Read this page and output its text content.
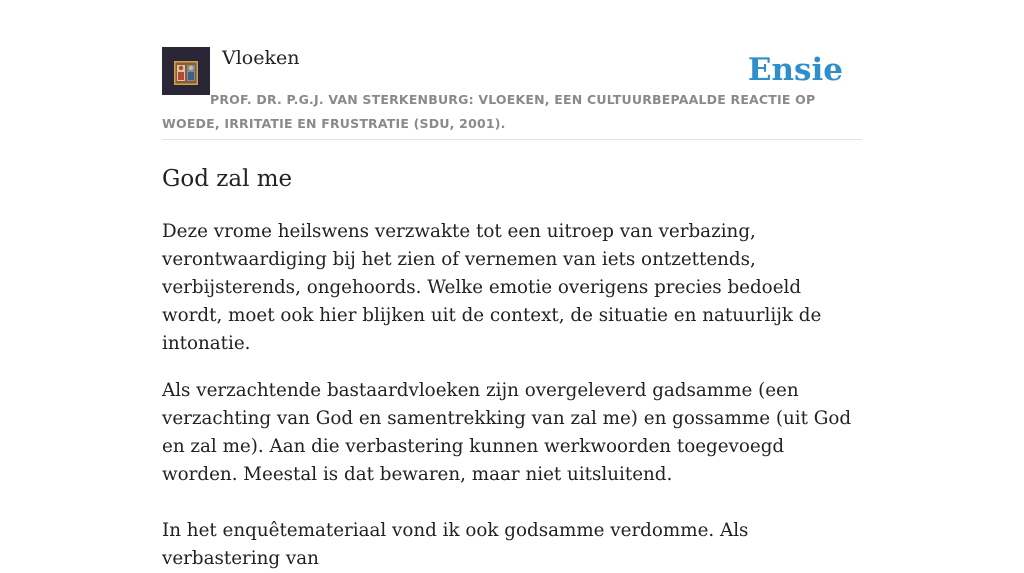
Vloeken	Ensie
PROF. DR. P.G.J. VAN STERKENBURG: VLOEKEN, EEN CULTUURBEPAALDE REACTIE OP WOEDE, IRRITATIE EN FRUSTRATIE (SDU, 2001).
God zal me

Deze vrome heilswens verzwakte tot een uitroep van verbazing, verontwaardiging bij het zien of vernemen van iets ontzettends, verbijsterends, ongehoords. Welke emotie overigens precies bedoeld wordt, moet ook hier blijken uit de context, de situatie en natuurlijk de intonatie.

Als verzachtende bastaardvloeken zijn overgeleverd gadsamme (een verzachting van God en samentrekking van zal me) en gossamme (uit God en zal me). Aan die verbastering kunnen werkwoorden toegevoegd worden. Meestal is dat bewaren, maar niet uitsluitend.

In het enquêtemateriaal vond ik ook godsamme verdomme. Als verbastering van
